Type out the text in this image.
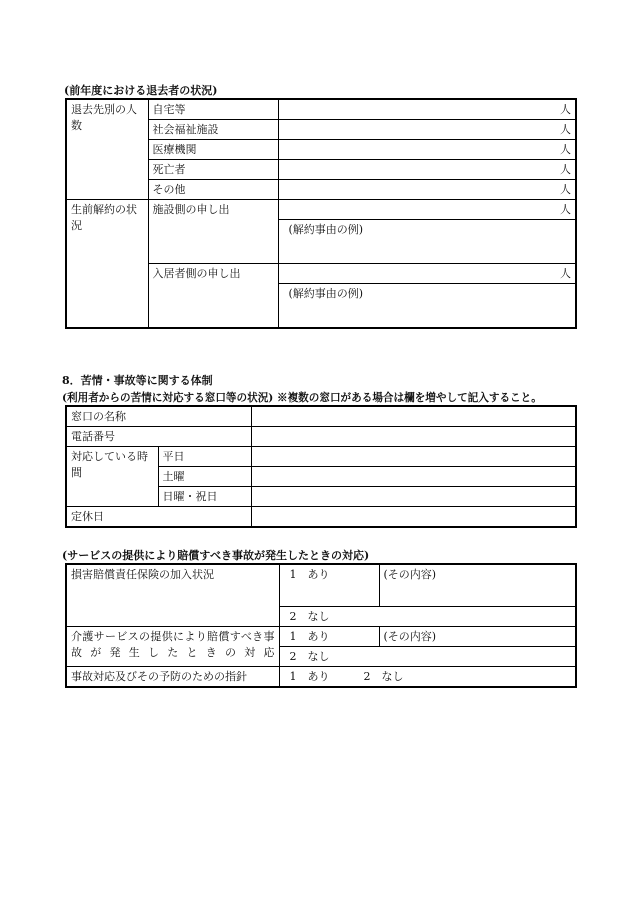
(前年度における退去者の状況)
退去先別の人数	自宅等	人
	社会福祉施設	人
	医療機関	人
	死亡者	人
	その他	人
生前解約の状況	施設側の申し出	人
		(解約事由の例)
	入居者側の申し出	人
		(解約事由の例)
8．苦情・事故等に関する体制
(利用者からの苦情に対応する窓口等の状況) ※複数の窓口がある場合は欄を増やして記入すること。
窓口の名称		
電話番号		
対応している時間	平日	
	土曜	
	日曜・祝日	
定休日		
(サービスの提供により賠償すべき事故が発生したときの対応)
損害賠償責任保険の加入状況	1　あり	(その内容)
	2　なし	
介護サービスの提供により賠償すべき事故が発生したときの対応	1　あり	(その内容)
	2　なし	
事故対応及びその予防のための指針	1　あり 2　なし	
